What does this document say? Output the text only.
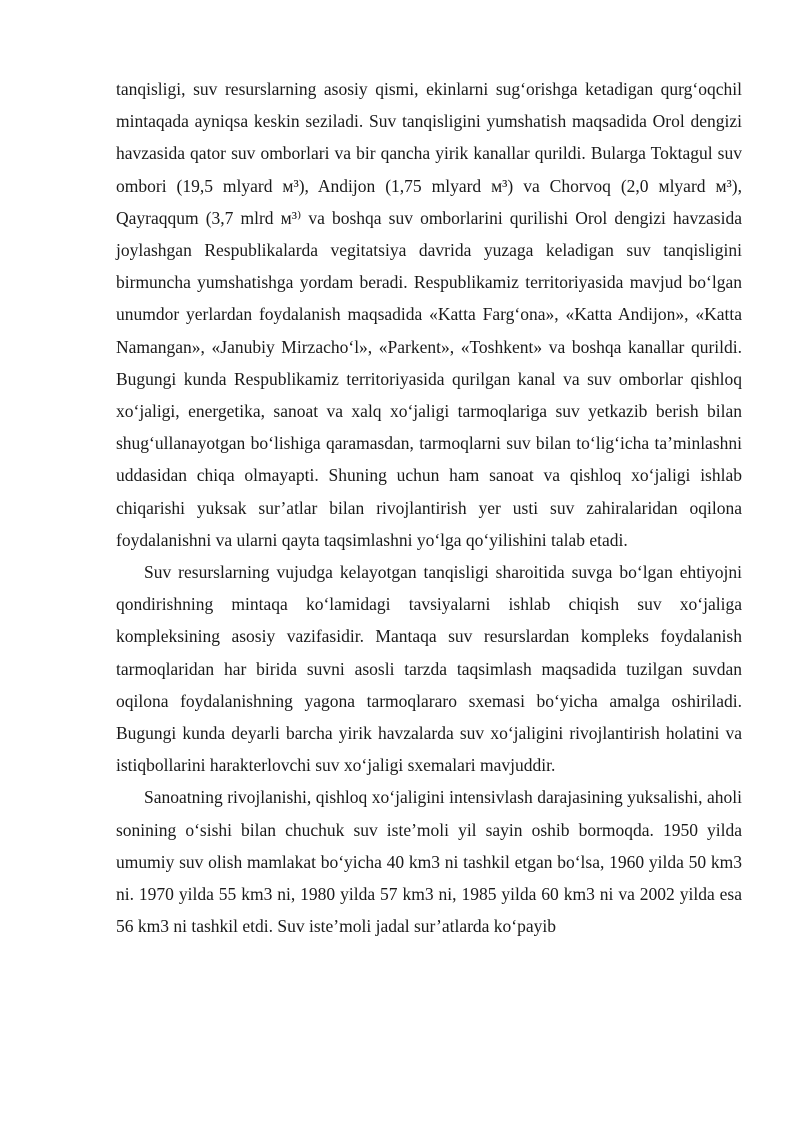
tanqisligi, suv resurslarning asosiy qismi, ekinlarni sug‘orishga ketadigan qurg‘oqchil mintaqada ayniqsa keskin seziladi. Suv tanqisligini yumshatish maqsadida Orol dengizi havzasida qator suv omborlari va bir qancha yirik kanallar qurildi. Bularga Toktagul suv ombori (19,5 mlyard м³), Andijon (1,75 mlyard м³) va Chorvoq (2,0 мlyard м³), Qayraqqum (3,7 mlrd м³⁾ va boshqa suv omborlarini qurilishi Orol dengizi havzasida joylashgan Respublikalarda vegitatsiya davrida yuzaga keladigan suv tanqisligini birmuncha yumshatishga yordam beradi. Respublikamiz territoriyasida mavjud bo‘lgan unumdor yerlardan foydalanish maqsadida «Katta Farg‘ona», «Katta Andijon», «Katta Namangan», «Janubiy Mirzacho‘l», «Parkent», «Toshkent» va boshqa kanallar qurildi. Bugungi kunda Respublikamiz territoriyasida qurilgan kanal va suv omborlar qishloq xo‘jaligi, energetika, sanoat va xalq xo‘jaligi tarmoqlariga suv yetkazib berish bilan shug‘ullanayotgan bo‘lishiga qaramasdan, tarmoqlarni suv bilan to‘lig‘icha ta’minlashni uddasidan chiqa olmayapti. Shuning uchun ham sanoat va qishloq xo‘jaligi ishlab chiqarishi yuksak sur’atlar bilan rivojlantirish yer usti suv zahiralaridan oqilona foydalanishni va ularni qayta taqsimlashni yo‘lga qo‘yilishini talab etadi.

Suv resurslarning vujudga kelayotgan tanqisligi sharoitida suvga bo‘lgan ehtiyojni qondirishning mintaqa ko‘lamidagi tavsiyalarni ishlab chiqish suv xo‘jaliga kompleksining asosiy vazifasidir. Mantaqa suv resurslardan kompleks foydalanish tarmoqlaridan har birida suvni asosli tarzda taqsimlash maqsadida tuzilgan suvdan oqilona foydalanishning yagona tarmoqlararo sxemasi bo‘yicha amalga oshiriladi. Bugungi kunda deyarli barcha yirik havzalarda suv xo‘jaligini rivojlantirish holatini va istiqbollarini harakterlovchi suv xo‘jaligi sxemalari mavjuddir.

Sanoatning rivojlanishi, qishloq xo‘jaligini intensivlash darajasining yuksalishi, aholi sonining o‘sishi bilan chuchuk suv iste’moli yil sayin oshib bormoqda. 1950 yilda umumiy suv olish mamlakat bo‘yicha 40 km3 ni tashkil etgan bo‘lsa, 1960 yilda 50 km3 ni. 1970 yilda 55 km3 ni, 1980 yilda 57 km3 ni, 1985 yilda 60 km3 ni va 2002 yilda esa 56 km3 ni tashkil etdi. Suv iste’moli jadal sur’atlarda ko‘payib
